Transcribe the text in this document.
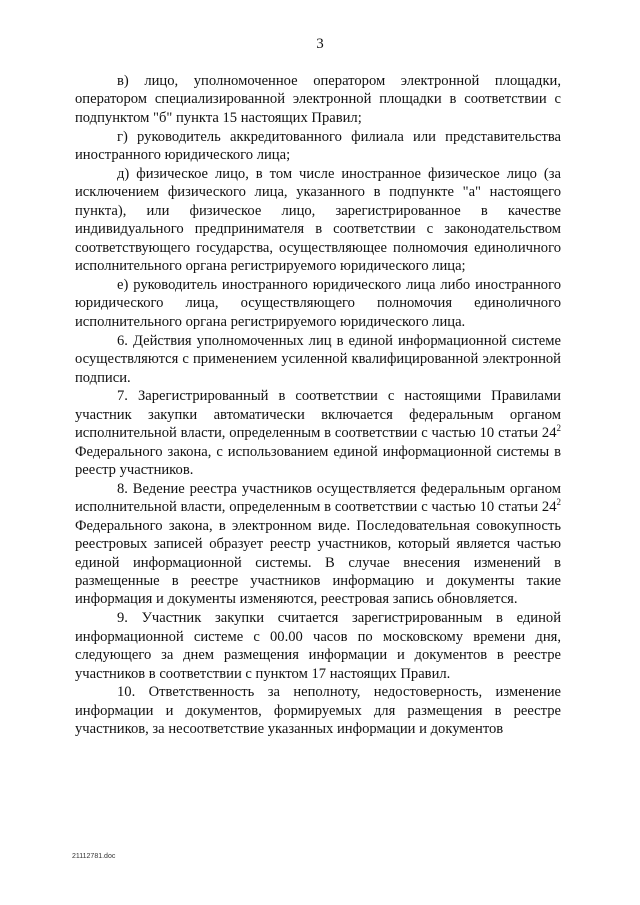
3

в) лицо, уполномоченное оператором электронной площадки, оператором специализированной электронной площадки в соответствии с подпунктом "б" пункта 15 настоящих Правил;

г) руководитель аккредитованного филиала или представительства иностранного юридического лица;

д) физическое лицо, в том числе иностранное физическое лицо (за исключением физического лица, указанного в подпункте "а" настоящего пункта), или физическое лицо, зарегистрированное в качестве индивидуального предпринимателя в соответствии с законодательством соответствующего государства, осуществляющее полномочия единоличного исполнительного органа регистрируемого юридического лица;

е) руководитель иностранного юридического лица либо иностранного юридического лица, осуществляющего полномочия единоличного исполнительного органа регистрируемого юридического лица.

6. Действия уполномоченных лиц в единой информационной системе осуществляются с применением усиленной квалифицированной электронной подписи.

7. Зарегистрированный в соответствии с настоящими Правилами участник закупки автоматически включается федеральным органом исполнительной власти, определенным в соответствии с частью 10 статьи $24^2$ Федерального закона, с использованием единой информационной системы в реестр участников.

8. Ведение реестра участников осуществляется федеральным органом исполнительной власти, определенным в соответствии с частью 10 статьи $24^2$ Федерального закона, в электронном виде. Последовательная совокупность реестровых записей образует реестр участников, который является частью единой информационной системы. В случае внесения изменений в размещенные в реестре участников информацию и документы такие информация и документы изменяются, реестровая запись обновляется.

9. Участник закупки считается зарегистрированным в единой информационной системе с 00.00 часов по московскому времени дня, следующего за днем размещения информации и документов в реестре участников в соответствии с пунктом 17 настоящих Правил.

10. Ответственность за неполноту, недостоверность, изменение информации и документов, формируемых для размещения в реестре участников, за несоответствие указанных информации и документов

21112781.doc
